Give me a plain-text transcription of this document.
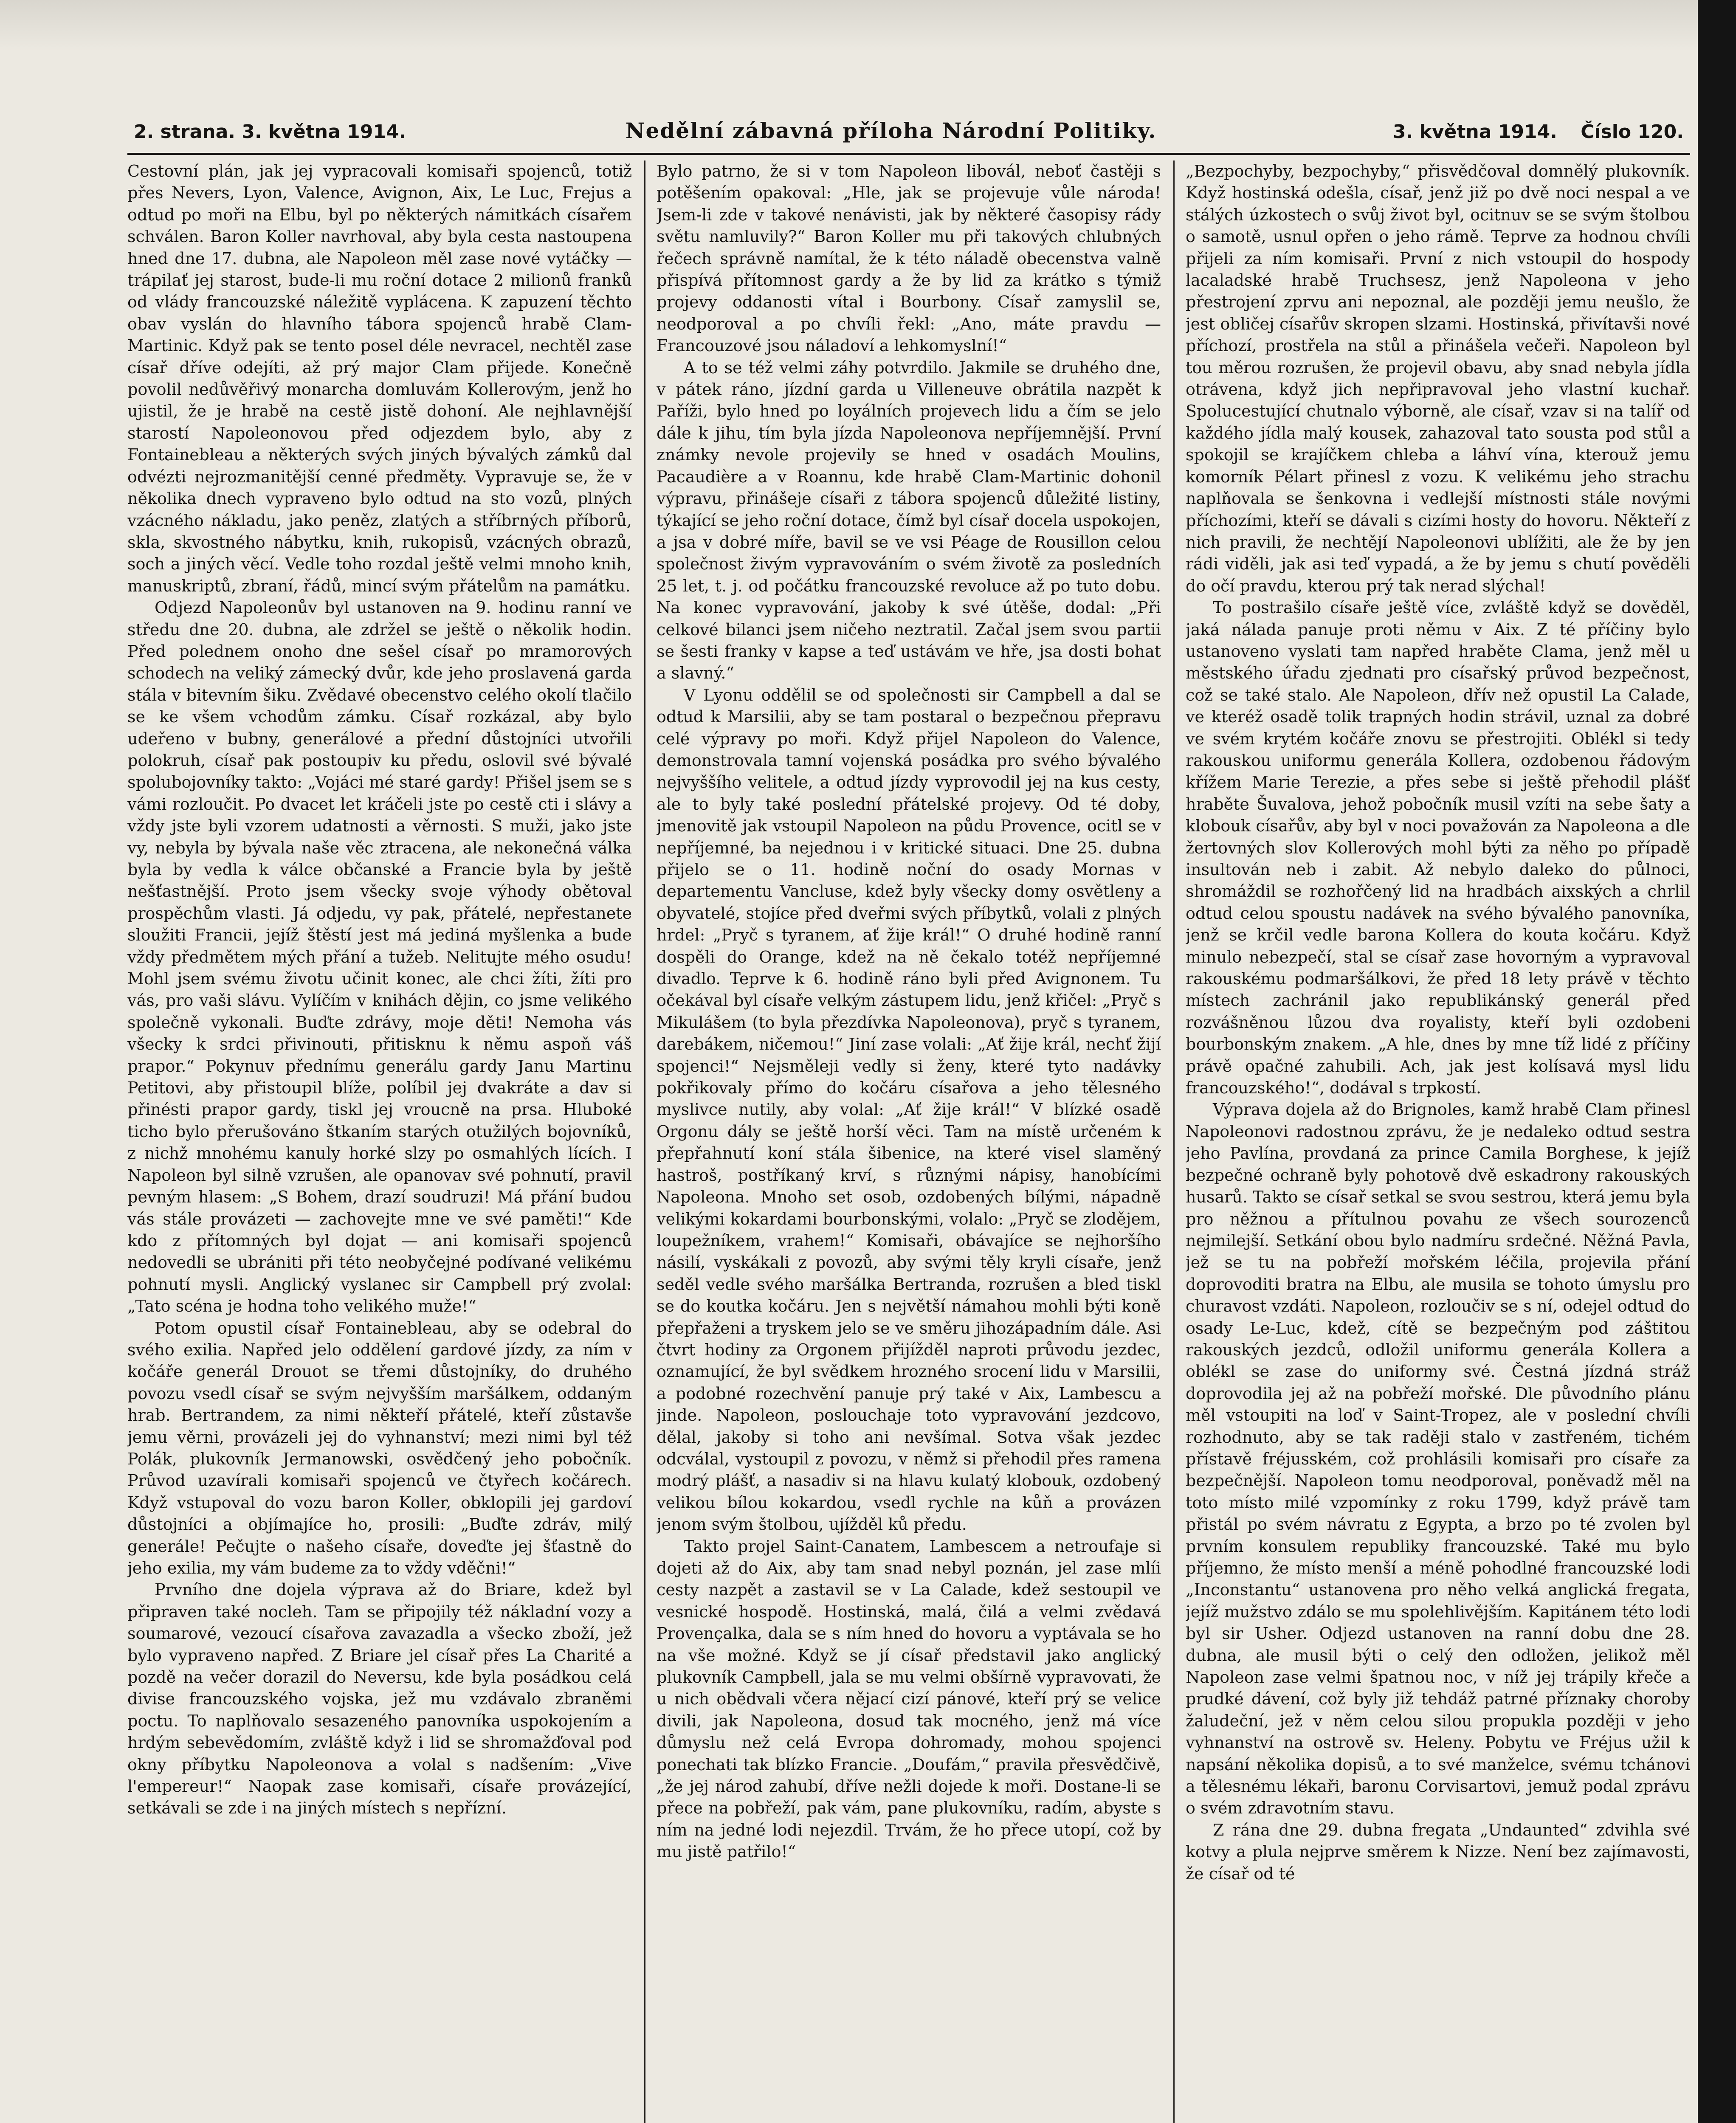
2. strana. 3. května 1914.	Nedělní zábavná příloha Národní Politiky.	3. května 1914. Číslo 120.

Cestovní plán, jak jej vypracovali komisaři spojenců, totiž přes Nevers, Lyon, Valence, Avignon, Aix, Le Luc, Frejus a odtud po moři na Elbu, byl po některých námitkách císařem schválen. Baron Koller navrhoval, aby byla cesta nastoupena hned dne 17. dubna, ale Napoleon měl zase nové vytáčky — trápilať jej starost, bude-li mu roční dotace 2 milionů franků od vlády francouzské náležitě vyplácena. K zapuzení těchto obav vyslán do hlavního tábora spojenců hrabě Clam-Martinic. Když pak se tento posel déle nevracel, nechtěl zase císař dříve odejíti, až prý major Clam přijede. Konečně povolil nedůvěřivý monarcha domluvám Kollerovým, jenž ho ujistil, že je hrabě na cestě jistě dohoní. Ale nejhlavnější starostí Napoleonovou před odjezdem bylo, aby z Fontainebleau a některých svých jiných bývalých zámků dal odvézti nejrozmanitější cenné předměty. Vypravuje se, že v několika dnech vypraveno bylo odtud na sto vozů, plných vzácného nákladu, jako peněz, zlatých a stříbrných příborů, skla, skvostného nábytku, knih, rukopisů, vzácných obrazů, soch a jiných věcí. Vedle toho rozdal ještě velmi mnoho knih, manuskriptů, zbraní, řádů, mincí svým přátelům na památku.

Odjezd Napoleonův byl ustanoven na 9. hodinu ranní ve středu dne 20. dubna, ale zdržel se ještě o několik hodin. Před polednem onoho dne sešel císař po mramorových schodech na veliký zámecký dvůr, kde jeho proslavená garda stála v bitevním šiku. Zvědavé obecenstvo celého okolí tlačilo se ke všem vchodům zámku. Císař rozkázal, aby bylo udeřeno v bubny, generálové a přední důstojníci utvořili polokruh, císař pak postoupiv ku předu, oslovil své bývalé spolubojovníky takto: „Vojáci mé staré gardy! Přišel jsem se s vámi rozloučit. Po dvacet let kráčeli jste po cestě cti i slávy a vždy jste byli vzorem udatnosti a věrnosti. S muži, jako jste vy, nebyla by bývala naše věc ztracena, ale nekonečná válka byla by vedla k válce občanské a Francie byla by ještě nešťastnější. Proto jsem všecky svoje výhody obětoval prospěchům vlasti. Já odjedu, vy pak, přátelé, nepřestanete sloužiti Francii, jejíž štěstí jest má jediná myšlenka a bude vždy předmětem mých přání a tužeb. Nelitujte mého osudu! Mohl jsem svému životu učinit konec, ale chci žíti, žíti pro vás, pro vaši slávu. Vylíčím v knihách dějin, co jsme velikého společně vykonali. Buďte zdrávy, moje děti! Nemoha vás všecky k srdci přivinouti, přitisknu k němu aspoň váš prapor.“ Pokynuv přednímu generálu gardy Janu Martinu Petitovi, aby přistoupil blíže, políbil jej dvakráte a dav si přinésti prapor gardy, tiskl jej vroucně na prsa. Hluboké ticho bylo přerušováno štkaním starých otužilých bojovníků, z nichž mnohému kanuly horké slzy po osmahlých lících. I Napoleon byl silně vzrušen, ale opanovav své pohnutí, pravil pevným hlasem: „S Bohem, drazí soudruzi! Má přání budou vás stále provázeti — zachovejte mne ve své paměti!“ Kde kdo z přítomných byl dojat — ani komisaři spojenců nedovedli se ubrániti při této neobyčejné podívané velikému pohnutí mysli. Anglický vyslanec sir Campbell prý zvolal: „Tato scéna je hodna toho velikého muže!“

Potom opustil císař Fontainebleau, aby se odebral do svého exilia. Napřed jelo oddělení gardové jízdy, za ním v kočáře generál Drouot se třemi důstojníky, do druhého povozu vsedl císař se svým nejvyšším maršálkem, oddaným hrab. Bertrandem, za nimi někteří přátelé, kteří zůstavše jemu věrni, provázeli jej do vyhnanství; mezi nimi byl též Polák, plukovník Jermanowski, osvědčený jeho pobočník. Průvod uzavírali komisaři spojenců ve čtyřech kočárech. Když vstupoval do vozu baron Koller, obklopili jej gardoví důstojníci a objímajíce ho, prosili: „Buďte zdráv, milý generále! Pečujte o našeho císaře, doveďte jej šťastně do jeho exilia, my vám budeme za to vždy vděčni!“

Prvního dne dojela výprava až do Briare, kdež byl připraven také nocleh. Tam se připojily též nákladní vozy a soumarové, vezoucí císařova zavazadla a všecko zboží, jež bylo vypraveno napřed. Z Briare jel císař přes La Charité a pozdě na večer dorazil do Neversu, kde byla posádkou celá divise francouzského vojska, jež mu vzdávalo zbraněmi poctu. To naplňovalo sesazeného panovníka uspokojením a hrdým sebevědomím, zvláště když i lid se shromažďoval pod okny příbytku Napoleonova a volal s nadšením: „Vive l'empereur!“ Naopak zase komisaři, císaře provázející, setkávali se zde i na jiných místech s nepřízní.

Bylo patrno, že si v tom Napoleon libovál, neboť častěji s potěšením opakoval: „Hle, jak se projevuje vůle národa! Jsem-li zde v takové nenávisti, jak by některé časopisy rády světu namluvily?“ Baron Koller mu při takových chlubných řečech správně namítal, že k této náladě obecenstva valně přispívá přítomnost gardy a že by lid za krátko s týmiž projevy oddanosti vítal i Bourbony. Císař zamyslil se, neodporoval a po chvíli řekl: „Ano, máte pravdu — Francouzové jsou náladoví a lehkomyslní!“

A to se též velmi záhy potvrdilo. Jakmile se druhého dne, v pátek ráno, jízdní garda u Villeneuve obrátila nazpět k Paříži, bylo hned po loyálních projevech lidu a čím se jelo dále k jihu, tím byla jízda Napoleonova nepříjemnější. První známky nevole projevily se hned v osadách Moulins, Pacaudière a v Roannu, kde hrabě Clam-Martinic dohonil výpravu, přinášeje císaři z tábora spojenců důležité listiny, týkající se jeho roční dotace, čímž byl císař docela uspokojen, a jsa v dobré míře, bavil se ve vsi Péage de Rousillon celou společnost živým vypravováním o svém životě za posledních 25 let, t. j. od počátku francouzské revoluce až po tuto dobu. Na konec vypravování, jakoby k své útěše, dodal: „Při celkové bilanci jsem ničeho neztratil. Začal jsem svou partii se šesti franky v kapse a teď ustávám ve hře, jsa dosti bohat a slavný.“

V Lyonu oddělil se od společnosti sir Campbell a dal se odtud k Marsilii, aby se tam postaral o bezpečnou přepravu celé výpravy po moři. Když přijel Napoleon do Valence, demonstrovala tamní vojenská posádka pro svého bývalého nejvyššího velitele, a odtud jízdy vyprovodil jej na kus cesty, ale to byly také poslední přátelské projevy. Od té doby, jmenovitě jak vstoupil Napoleon na půdu Provence, ocitl se v nepříjemné, ba nejednou i v kritické situaci. Dne 25. dubna přijelo se o 11. hodině noční do osady Mornas v departementu Vancluse, kdež byly všecky domy osvětleny a obyvatelé, stojíce před dveřmi svých příbytků, volali z plných hrdel: „Pryč s tyranem, ať žije král!“ O druhé hodině ranní dospěli do Orange, kdež na ně čekalo totéž nepříjemné divadlo. Teprve k 6. hodině ráno byli před Avignonem. Tu očekával byl císaře velkým zástupem lidu, jenž křičel: „Pryč s Mikulášem (to byla přezdívka Napoleonova), pryč s tyranem, darebákem, ničemou!“ Jiní zase volali: „Ať žije král, nechť žijí spojenci!“ Nejsměleji vedly si ženy, které tyto nadávky pokřikovaly přímo do kočáru císařova a jeho tělesného myslivce nutily, aby volal: „Ať žije král!“ V blízké osadě Orgonu dály se ještě horší věci. Tam na místě určeném k přepřahnutí koní stála šibenice, na které visel slaměný hastroš, postříkaný krví, s různými nápisy, hanobícími Napoleona. Mnoho set osob, ozdobených bílými, nápadně velikými kokardami bourbonskými, volalo: „Pryč se zlodějem, loupežníkem, vrahem!“ Komisaři, obávajíce se nejhoršího násilí, vyskákali z povozů, aby svými těly kryli císaře, jenž seděl vedle svého maršálka Bertranda, rozrušen a bled tiskl se do koutka kočáru. Jen s největší námahou mohli býti koně přepřaženi a tryskem jelo se ve směru jihozápadním dále. Asi čtvrt hodiny za Orgonem přijížděl naproti průvodu jezdec, oznamující, že byl svědkem hrozného srocení lidu v Marsilii, a podobné rozechvění panuje prý také v Aix, Lambescu a jinde. Napoleon, poslouchaje toto vypravování jezdcovo, dělal, jakoby si toho ani nevšímal. Sotva však jezdec odcválal, vystoupil z povozu, v němž si přehodil přes ramena modrý plášť, a nasadiv si na hlavu kulatý klobouk, ozdobený velikou bílou kokardou, vsedl rychle na kůň a provázen jenom svým štolbou, ujížděl ků předu.

Takto projel Saint-Canatem, Lambescem a netroufaje si dojeti až do Aix, aby tam snad nebyl poznán, jel zase mlíi cesty nazpět a zastavil se v La Calade, kdež sestoupil ve vesnické hospodě. Hostinská, malá, čilá a velmi zvědavá Provençalka, dala se s ním hned do hovoru a vyptávala se ho na vše možné. Když se jí císař představil jako anglický plukovník Campbell, jala se mu velmi obšírně vypravovati, že u nich obědvali včera nějací cizí pánové, kteří prý se velice divili, jak Napoleona, dosud tak mocného, jenž má více důmyslu než celá Evropa dohromady, mohou spojenci ponechati tak blízko Francie. „Doufám,“ pravila přesvědčivě, „že jej národ zahubí, dříve nežli dojede k moři. Dostane-li se přece na pobřeží, pak vám, pane plukovníku, radím, abyste s ním na jedné lodi nejezdil. Trvám, že ho přece utopí, což by mu jistě patřilo!“

„Bezpochyby, bezpochyby,“ přisvědčoval domnělý plukovník. Když hostinská odešla, císař, jenž již po dvě noci nespal a ve stálých úzkostech o svůj život byl, ocitnuv se se svým štolbou o samotě, usnul opřen o jeho rámě. Teprve za hodnou chvíli přijeli za ním komisaři. První z nich vstoupil do hospody lacaladské hrabě Truchsesz, jenž Napoleona v jeho přestrojení zprvu ani nepoznal, ale později jemu neušlo, že jest obličej císařův skropen slzami. Hostinská, přivítavši nové příchozí, prostřela na stůl a přinášela večeři. Napoleon byl tou měrou rozrušen, že projevil obavu, aby snad nebyla jídla otrávena, když jich nepřipravoval jeho vlastní kuchař. Spolucestující chutnalo výborně, ale císař, vzav si na talíř od každého jídla malý kousek, zahazoval tato sousta pod stůl a spokojil se krajíčkem chleba a láhví vína, kterouž jemu komorník Pélart přinesl z vozu. K velikému jeho strachu naplňovala se šenkovna i vedlejší místnosti stále novými příchozími, kteří se dávali s cizími hosty do hovoru. Někteří z nich pravili, že nechtějí Napoleonovi ublížiti, ale že by jen rádi viděli, jak asi teď vypadá, a že by jemu s chutí pověděli do očí pravdu, kterou prý tak nerad slýchal!

To postrašilo císaře ještě více, zvláště když se dověděl, jaká nálada panuje proti němu v Aix. Z té příčiny bylo ustanoveno vyslati tam napřed hraběte Clama, jenž měl u městského úřadu zjednati pro císařský průvod bezpečnost, což se také stalo. Ale Napoleon, dřív než opustil La Calade, ve kteréž osadě tolik trapných hodin strávil, uznal za dobré ve svém krytém kočáře znovu se přestrojiti. Oblékl si tedy rakouskou uniformu generála Kollera, ozdobenou řádovým křížem Marie Terezie, a přes sebe si ještě přehodil plášť hraběte Šuvalova, jehož pobočník musil vzíti na sebe šaty a klobouk císařův, aby byl v noci považován za Napoleona a dle žertovných slov Kollerových mohl býti za něho po případě insultován neb i zabit. Až nebylo daleko do půlnoci, shromáždil se rozhořčený lid na hradbách aixských a chrlil odtud celou spoustu nadávek na svého bývalého panovníka, jenž se krčil vedle barona Kollera do kouta kočáru. Když minulo nebezpečí, stal se císař zase hovorným a vypravoval rakouskému podmaršálkovi, že před 18 lety právě v těchto místech zachránil jako republikánský generál před rozvášněnou lůzou dva royalisty, kteří byli ozdobeni bourbonským znakem. „A hle, dnes by mne tíž lidé z příčiny právě opačné zahubili. Ach, jak jest kolísavá mysl lidu francouzského!“, dodával s trpkostí.

Výprava dojela až do Brignoles, kamž hrabě Clam přinesl Napoleonovi radostnou zprávu, že je nedaleko odtud sestra jeho Pavlína, provdaná za prince Camila Borghese, k jejíž bezpečné ochraně byly pohotově dvě eskadrony rakouských husarů. Takto se císař setkal se svou sestrou, která jemu byla pro něžnou a přítulnou povahu ze všech sourozenců nejmilejší. Setkání obou bylo nadmíru srdečné. Něžná Pavla, jež se tu na pobřeží mořském léčila, projevila přání doprovoditi bratra na Elbu, ale musila se tohoto úmyslu pro churavost vzdáti. Napoleon, rozloučiv se s ní, odejel odtud do osady Le-Luc, kdež, cítě se bezpečným pod záštitou rakouských jezdců, odložil uniformu generála Kollera a oblékl se zase do uniformy své. Čestná jízdná stráž doprovodila jej až na pobřeží mořské. Dle původního plánu měl vstoupiti na loď v Saint-Tropez, ale v poslední chvíli rozhodnuto, aby se tak raději stalo v zastřeném, tichém přístavě fréjusském, což prohlásili komisaři pro císaře za bezpečnější. Napoleon tomu neodporoval, poněvadž měl na toto místo milé vzpomínky z roku 1799, když právě tam přistál po svém návratu z Egypta, a brzo po té zvolen byl prvním konsulem republiky francouzské. Také mu bylo příjemno, že místo menší a méně pohodlné francouzské lodi „Inconstantu“ ustanovena pro něho velká anglická fregata, jejíž mužstvo zdálo se mu spolehlivějším. Kapitánem této lodi byl sir Usher. Odjezd ustanoven na ranní dobu dne 28. dubna, ale musil býti o celý den odložen, jelikož měl Napoleon zase velmi špatnou noc, v níž jej trápily křeče a prudké dávení, což byly již tehdáž patrné příznaky choroby žaludeční, jež v něm celou silou propukla později v jeho vyhnanství na ostrově sv. Heleny. Pobytu ve Fréjus užil k napsání několika dopisů, a to své manželce, svému tchánovi a tělesnému lékaři, baronu Corvisartovi, jemuž podal zprávu o svém zdravotním stavu.

Z rána dne 29. dubna fregata „Undaunted“ zdvihla své kotvy a plula nejprve směrem k Nizze. Není bez zajímavosti, že císař od té
